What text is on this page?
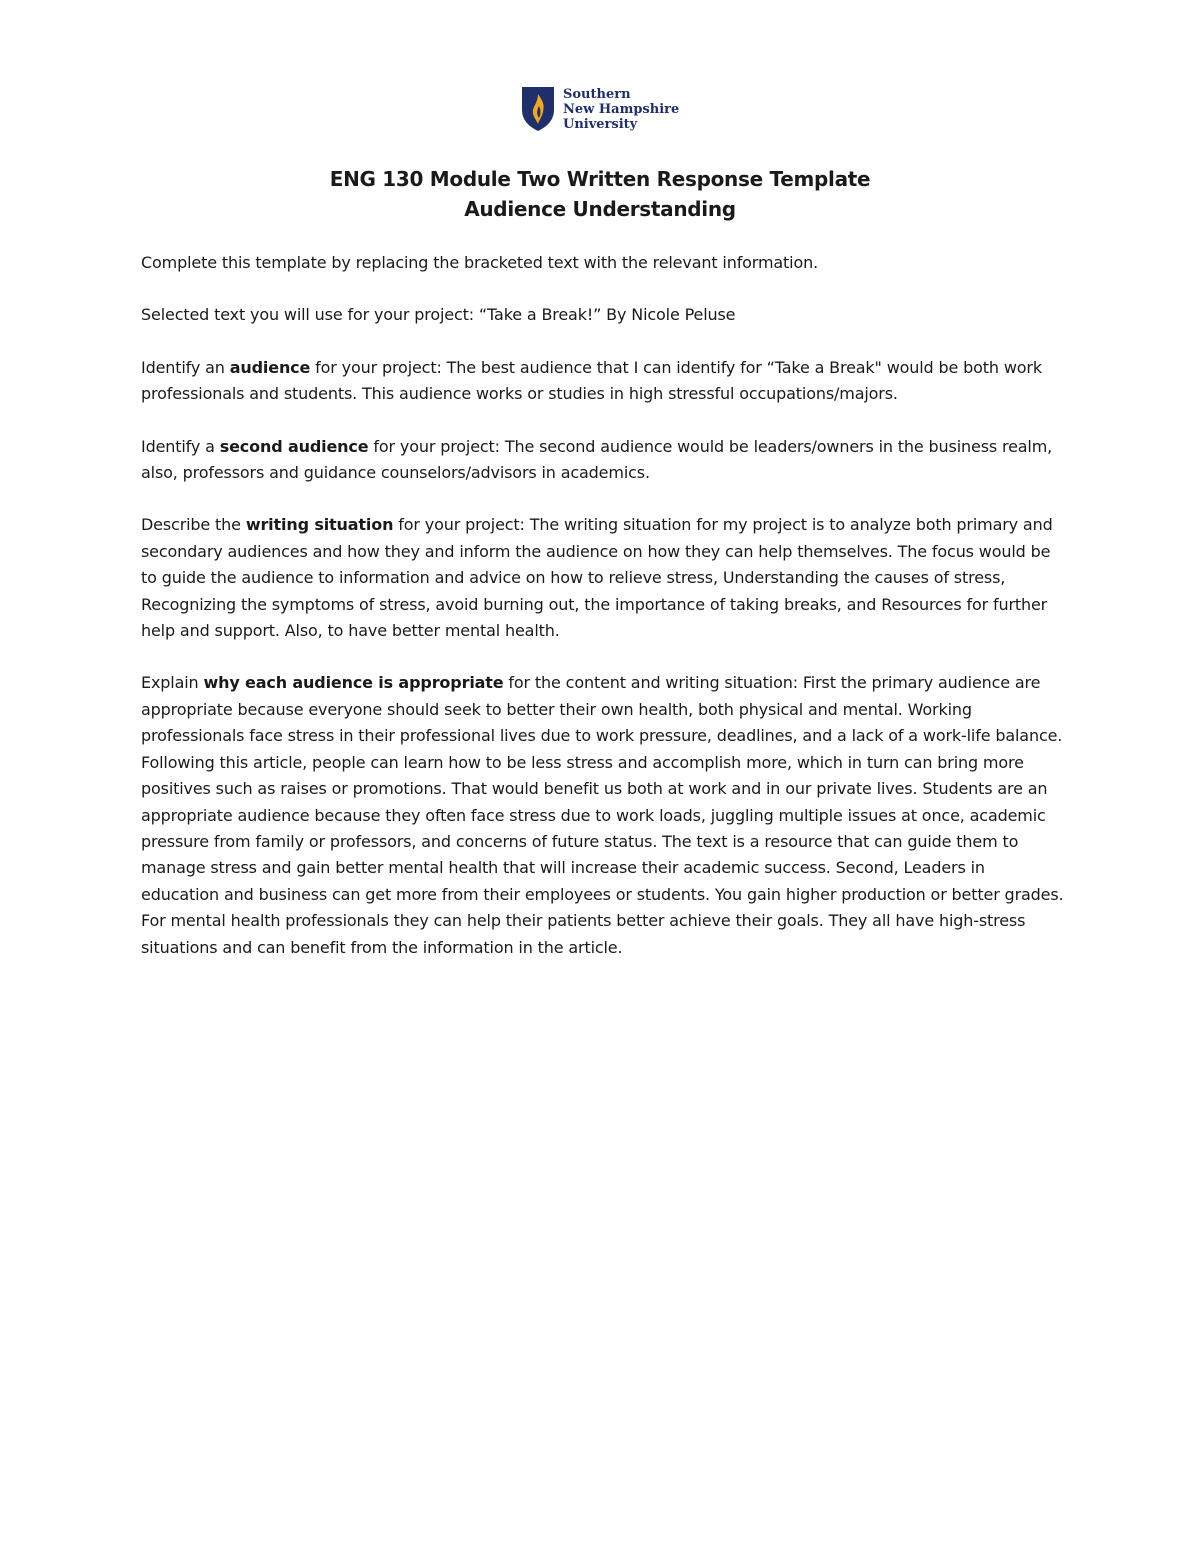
Southern
New Hampshire
University
ENG 130 Module Two Written Response Template
Audience Understanding

Complete this template by replacing the bracketed text with the relevant information.

Selected text you will use for your project: “Take a Break!” By Nicole Peluse

Identify an audience for your project: The best audience that I can identify for “Take a Break" would be both work professionals and students. This audience works or studies in high stressful occupations/majors.

Identify a second audience for your project: The second audience would be leaders/owners in the business realm, also, professors and guidance counselors/advisors in academics.

Describe the writing situation for your project: The writing situation for my project is to analyze both primary and secondary audiences and how they and inform the audience on how they can help themselves. The focus would be to guide the audience to information and advice on how to relieve stress, Understanding the causes of stress, Recognizing the symptoms of stress, avoid burning out, the importance of taking breaks, and Resources for further help and support. Also, to have better mental health.

Explain why each audience is appropriate for the content and writing situation: First the primary audience are appropriate because everyone should seek to better their own health, both physical and mental. Working professionals face stress in their professional lives due to work pressure, deadlines, and a lack of a work-life balance. Following this article, people can learn how to be less stress and accomplish more, which in turn can bring more positives such as raises or promotions. That would benefit us both at work and in our private lives. Students are an appropriate audience because they often face stress due to work loads, juggling multiple issues at once, academic pressure from family or professors, and concerns of future status. The text is a resource that can guide them to manage stress and gain better mental health that will increase their academic success. Second, Leaders in education and business can get more from their employees or students. You gain higher production or better grades. For mental health professionals they can help their patients better achieve their goals. They all have high-stress situations and can benefit from the information in the article.
